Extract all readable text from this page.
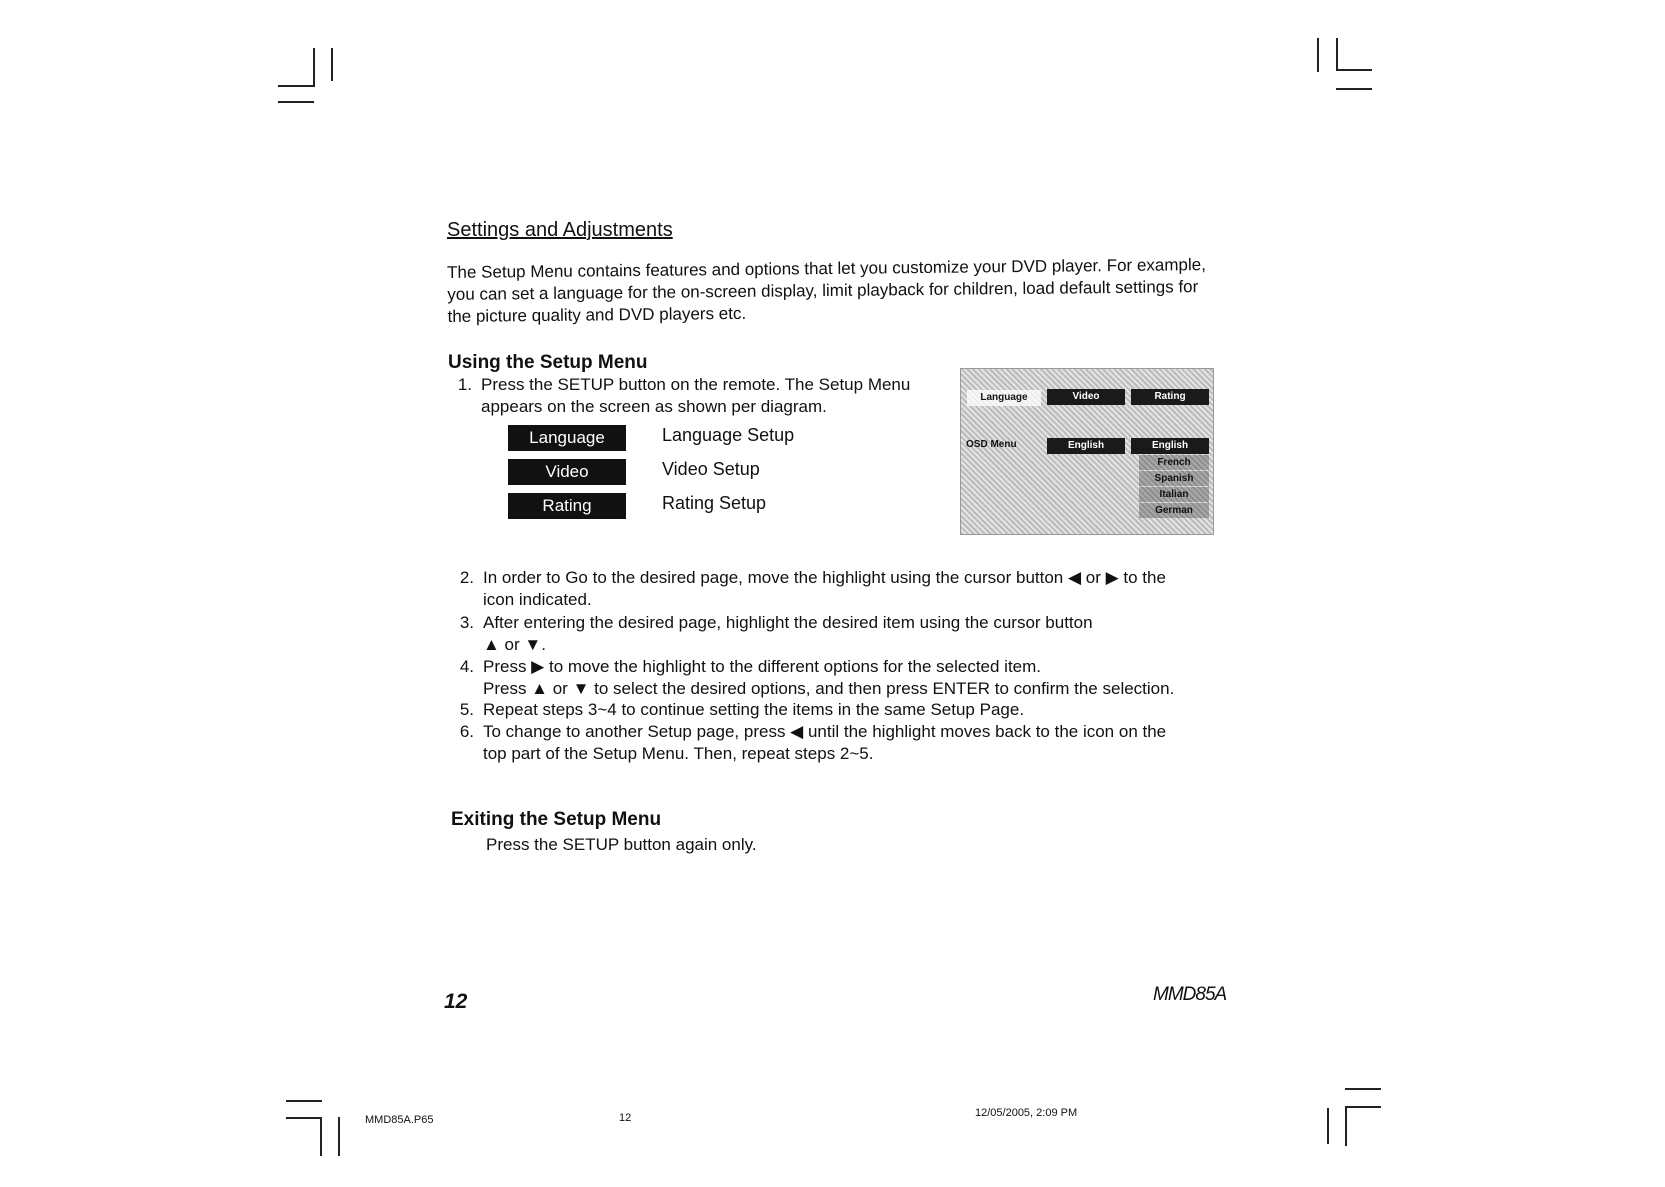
Settings and Adjustments
The Setup Menu contains features and options that let you customize your DVD player. For example, you can set a language for the on-screen display, limit playback for children, load default settings for the picture quality and DVD players etc.
Using the Setup Menu
1. Press the SETUP button on the remote. The Setup Menu
appears on the screen as shown per diagram.
Language	Language Setup
Video	Video Setup
Rating	Rating Setup
Language	Video	Rating
OSD Menu	English	English
French
Spanish
Italian
German
2. In order to Go to the desired page, move the highlight using the cursor button ◀ or ▶ to the
icon indicated.
3. After entering the desired page, highlight the desired item using the cursor button
▲ or ▼.
4. Press ▶ to move the highlight to the different options for the selected item.
Press ▲ or ▼ to select the desired options, and then press ENTER to confirm the selection.
5. Repeat steps 3~4 to continue setting the items in the same Setup Page.
6. To change to another Setup page, press ◀ until the highlight moves back to the icon on the
top part of the Setup Menu. Then, repeat steps 2~5.
Exiting the Setup Menu
Press the SETUP button again only.
12	MMD85A
MMD85A.P65	12	12/05/2005, 2:09 PM
